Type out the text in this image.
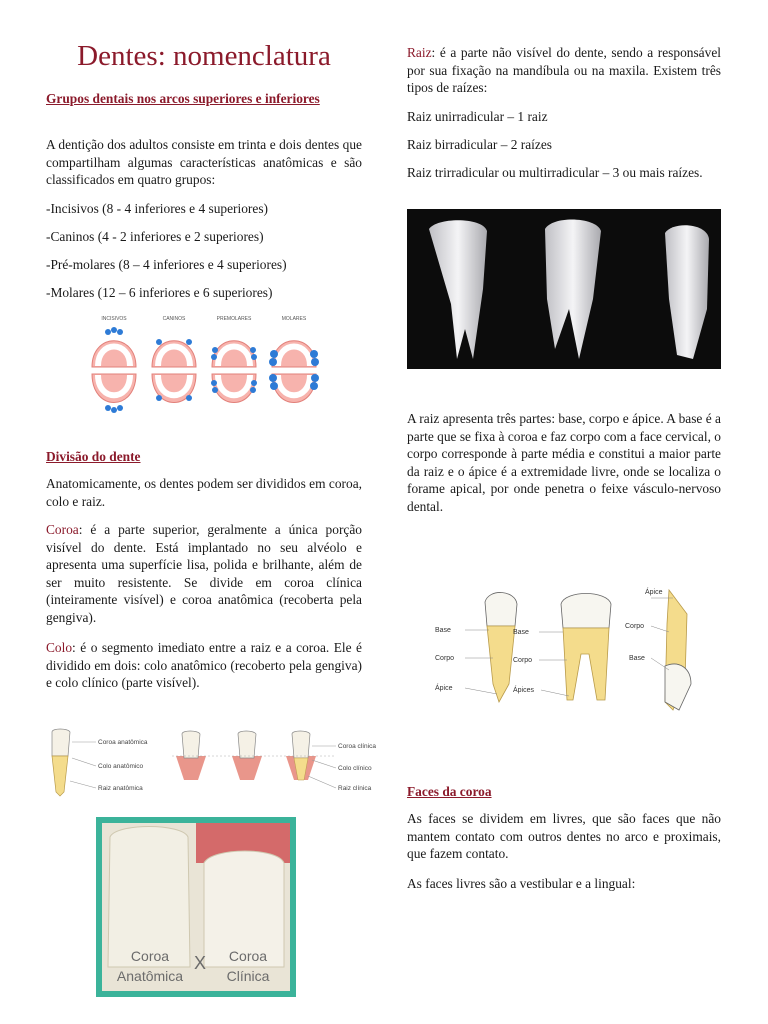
Dentes: nomenclatura

Grupos dentais nos arcos superiores e inferiores

A dentição dos adultos consiste em trinta e dois dentes que compartilham algumas características anatômicas e são classificados em quatro grupos:

-Incisivos (8 - 4 inferiores e 4 superiores)

-Caninos (4 - 2 inferiores e 2 superiores)

-Pré-molares (8 – 4 inferiores e 4 superiores)

-Molares (12 – 6 inferiores e 6 superiores)

INCISIVOS	CANINOS	PREMOLARES	MOLARES

Divisão do dente

Anatomicamente, os dentes podem ser divididos em coroa, colo e raiz.

Coroa: é a parte superior, geralmente a única porção visível do dente. Está implantado no seu alvéolo e apresenta uma superfície lisa, polida e brilhante, além de ser muito resistente. Se divide em coroa clínica (inteiramente visível) e coroa anatômica (recoberta pela gengiva).

Colo: é o segmento imediato entre a raiz e a coroa. Ele é dividido em dois: colo anatômico (recoberto pela gengiva) e colo clínico (parte visível).

Coroa anatômica
Colo anatômico
Raiz anatômica
Coroa clínica
Colo clínico
Raiz clínica
Coroa
Anatômica
X Coroa
Clínica

Raiz: é a parte não visível do dente, sendo a responsável por sua fixação na mandíbula ou na maxila. Existem três tipos de raízes:

Raiz unirradicular – 1 raiz

Raiz birradicular – 2 raízes

Raiz trirradicular ou multirradicular – 3 ou mais raízes.

A raiz apresenta três partes: base, corpo e ápice. A base é a parte que se fixa à coroa e faz corpo com a face cervical, o corpo corresponde à parte média e constitui a maior parte da raiz e o ápice é a extremidade livre, onde se localiza o forame apical, por onde penetra o feixe vásculo-nervoso dental.

Base
Corpo
Ápice
Base
Corpo
Ápices
Ápice
Corpo
Base

Faces da coroa

As faces se dividem em livres, que são faces que não mantem contato com outros dentes no arco e proximais, que fazem contato.

As faces livres são a vestibular e a lingual:
